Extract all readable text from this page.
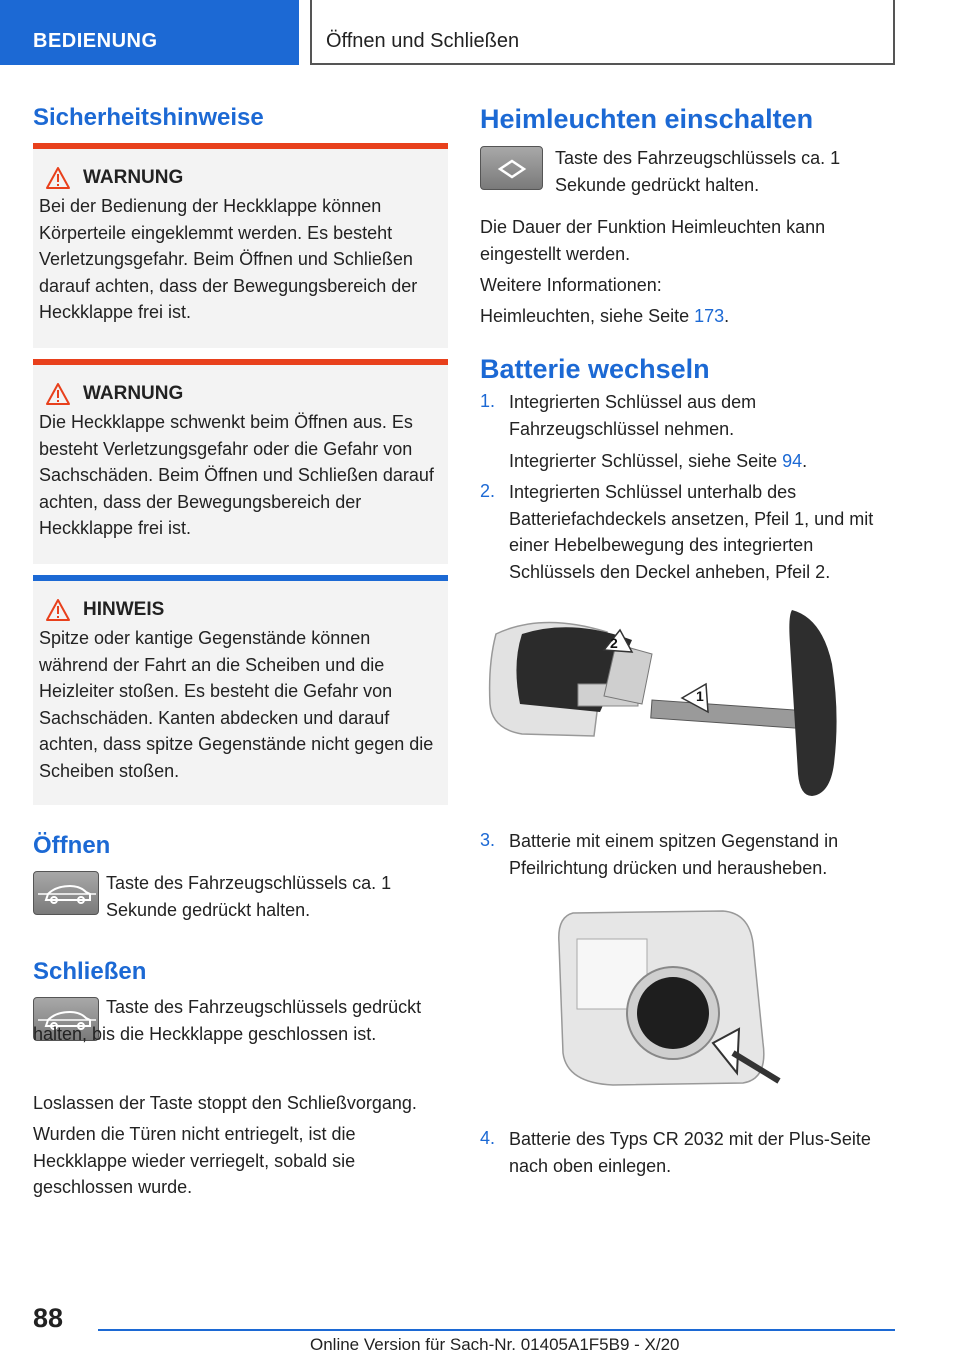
BEDIENUNG	Öffnen und Schließen
Sicherheitshinweise
WARNUNG
Bei der Bedienung der Heckklappe können Körperteile eingeklemmt werden. Es besteht Verletzungsgefahr. Beim Öffnen und Schließen darauf achten, dass der Bewegungsbereich der Heckklappe frei ist.
WARNUNG
Die Heckklappe schwenkt beim Öffnen aus. Es besteht Verletzungsgefahr oder die Gefahr von Sachschäden. Beim Öffnen und Schließen darauf achten, dass der Bewegungsbereich der Heckklappe frei ist.
HINWEIS
Spitze oder kantige Gegenstände können während der Fahrt an die Scheiben und die Heizleiter stoßen. Es besteht die Gefahr von Sachschäden. Kanten abdecken und darauf achten, dass spitze Gegenstände nicht gegen die Scheiben stoßen.
Öffnen
Taste des Fahrzeugschlüssels ca. 1 Sekunde gedrückt halten.
Schließen
Taste des Fahrzeugschlüssels gedrückt halten, bis die Heckklappe geschlossen ist.
Loslassen der Taste stoppt den Schließvorgang.
Wurden die Türen nicht entriegelt, ist die Heckklappe wieder verriegelt, sobald sie geschlossen wurde.
Heimleuchten einschalten
Taste des Fahrzeugschlüssels ca. 1 Sekunde gedrückt halten.
Die Dauer der Funktion Heimleuchten kann eingestellt werden.
Weitere Informationen:
Heimleuchten, siehe Seite 173.
Batterie wechseln
1. Integrierten Schlüssel aus dem Fahrzeugschlüssel nehmen.
Integrierter Schlüssel, siehe Seite 94.
2. Integrierten Schlüssel unterhalb des Batteriefachdeckels ansetzen, Pfeil 1, und mit einer Hebelbewegung des integrierten Schlüssels den Deckel anheben, Pfeil 2.
2
1
3. Batterie mit einem spitzen Gegenstand in Pfeilrichtung drücken und herausheben.
4. Batterie des Typs CR 2032 mit der Plus-Seite nach oben einlegen.
88
Online Version für Sach-Nr. 01405A1F5B9 - X/20
